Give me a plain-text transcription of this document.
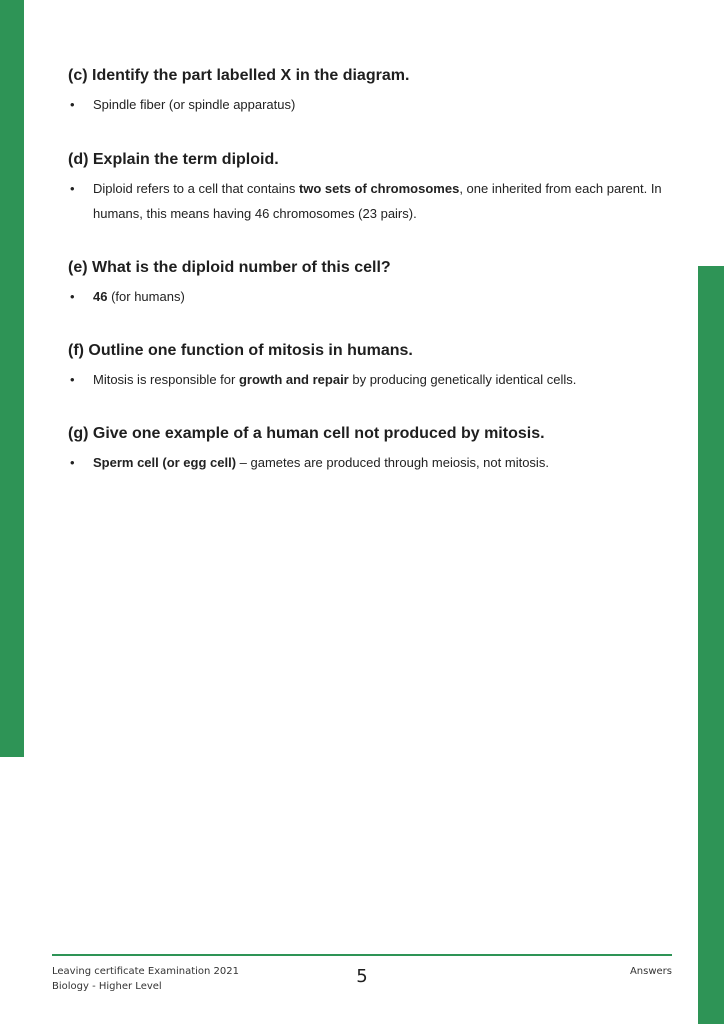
(c) Identify the part labelled X in the diagram.
• Spindle fiber (or spindle apparatus)
(d) Explain the term diploid.
• Diploid refers to a cell that contains two sets of chromosomes, one inherited from each parent. In humans, this means having 46 chromosomes (23 pairs).
(e) What is the diploid number of this cell?
• 46 (for humans)
(f) Outline one function of mitosis in humans.
• Mitosis is responsible for growth and repair by producing genetically identical cells.
(g) Give one example of a human cell not produced by mitosis.
• Sperm cell (or egg cell) – gametes are produced through meiosis, not mitosis.
Leaving certificate Examination 2021
Biology - Higher Level	5	Answers
